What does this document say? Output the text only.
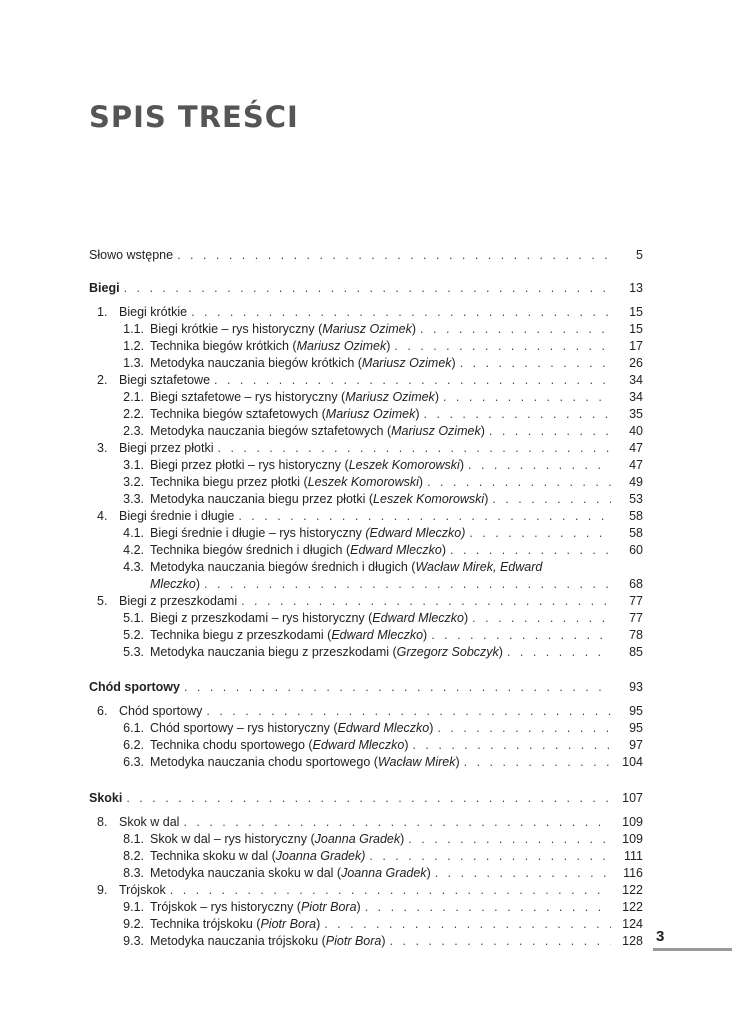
SPIS TREŚCI
Słowo wstępne . . .	5
Biegi . . .	13
1. Biegi krótkie . . .	15
1.1. Biegi krótkie – rys historyczny (Mariusz Ozimek) . . .	15
1.2. Technika biegów krótkich (Mariusz Ozimek) . . .	17
1.3. Metodyka nauczania biegów krótkich (Mariusz Ozimek) . . .	26
2. Biegi sztafetowe . . .	34
2.1. Biegi sztafetowe – rys historyczny (Mariusz Ozimek) . . .	34
2.2. Technika biegów sztafetowych (Mariusz Ozimek) . . .	35
2.3. Metodyka nauczania biegów sztafetowych (Mariusz Ozimek) . . .	40
3. Biegi przez płotki . . .	47
3.1. Biegi przez płotki – rys historyczny (Leszek Komorowski) . . .	47
3.2. Technika biegu przez płotki (Leszek Komorowski) . . .	49
3.3. Metodyka nauczania biegu przez płotki (Leszek Komorowski) . . .	53
4. Biegi średnie i długie . . .	58
4.1. Biegi średnie i długie – rys historyczny (Edward Mleczko) . . .	58
4.2. Technika biegów średnich i długich (Edward Mleczko) . . .	60
4.3. Metodyka nauczania biegów średnich i długich (Wacław Mirek, Edward
Mleczko) . . .	68
5. Biegi z przeszkodami . . .	77
5.1. Biegi z przeszkodami – rys historyczny (Edward Mleczko) . . .	77
5.2. Technika biegu z przeszkodami (Edward Mleczko) . . .	78
5.3. Metodyka nauczania biegu z przeszkodami (Grzegorz Sobczyk) . . .	85
Chód sportowy . . .	93
6. Chód sportowy . . .	95
6.1. Chód sportowy – rys historyczny (Edward Mleczko) . . .	95
6.2. Technika chodu sportowego (Edward Mleczko) . . .	97
6.3. Metodyka nauczania chodu sportowego (Wacław Mirek) . . .	104
Skoki . . .	107
8. Skok w dal . . .	109
8.1. Skok w dal – rys historyczny (Joanna Gradek) . . .	109
8.2. Technika skoku w dal (Joanna Gradek) . . .	111
8.3. Metodyka nauczania skoku w dal (Joanna Gradek) . . .	116
9. Trójskok . . .	122
9.1. Trójskok – rys historyczny (Piotr Bora) . . .	122
9.2. Technika trójskoku (Piotr Bora) . . .	124
9.3. Metodyka nauczania trójskoku (Piotr Bora) . . .	128 3
